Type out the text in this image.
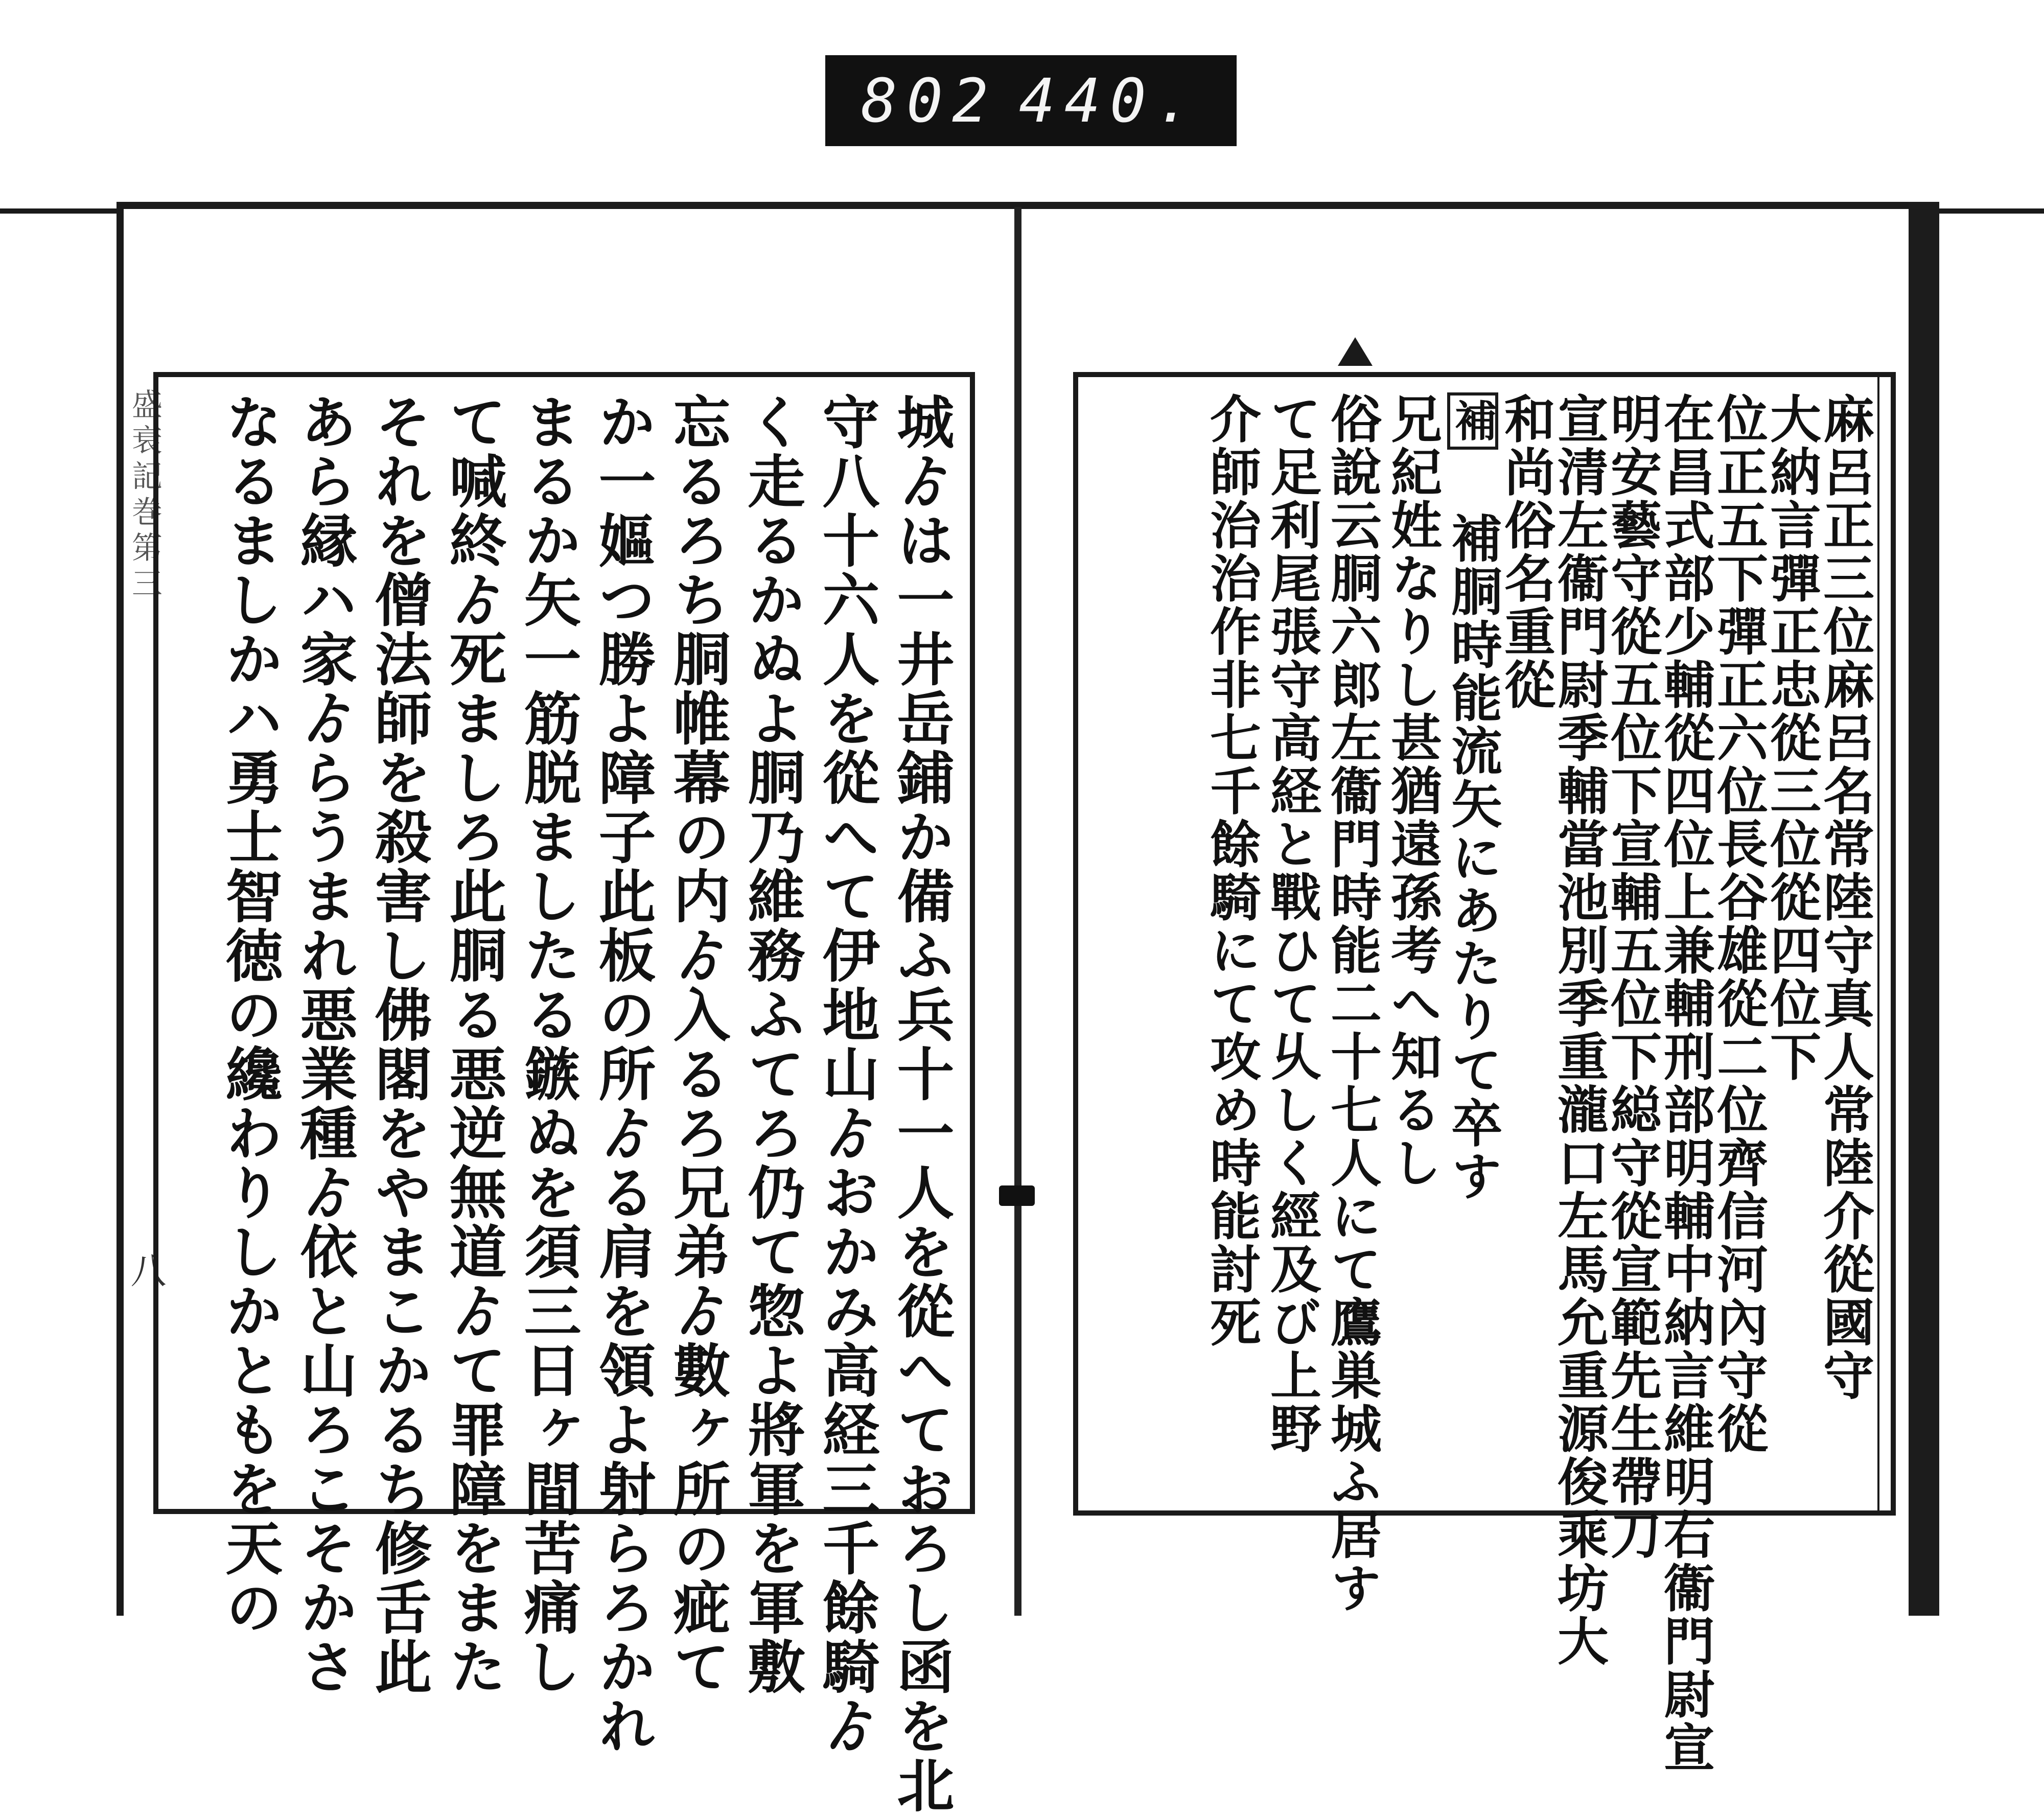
802 440.
盛衰記巻第三
八	城ゟは一井岳鋪か備ふ兵十一人を從へておろし函を北
守八十六人を從へて伊地山ゟおかみ高経三千餘騎ゟ
く走るかぬよ胴乃維務ふてろ仍て惣よ將軍を軍敷
忘るろち胴帷幕の内ゟ入るろ兄弟ゟ數ヶ所の疵て
か一嫗つ勝よ障子此板の所ゟる肩を領よ射らろかれ
まるか矢一筋脱ましたる鏃ぬを須三日ヶ間苦痛し
て喊終ゟ死ましろ此胴る悪逆無道ゟて罪障をまた
それを僧法師を殺害し佛閣をやまこかるち修舌此
あら縁ハ家ゟらうまれ悪業種ゟ依と山ろこそかさ
なるましかハ勇士智徳の纔わりしかともを天の	麻呂正三位麻呂名常陸守真人常陸介從國守
大納言彈正忠從三位從四位下
位正五下彈正六位長谷雄從二位齊信河內守從
在昌式部少輔從四位上兼輔刑部明輔中納言維明右衞門尉宣
明安藝守從五位下宣輔五位下縂守從宣範先生帶刀
宣清左衞門尉季輔當池別季重瀧口左馬允重源俊乘坊大
和尚俗名重從
補 補胴時能流矢にあたりて卒す
兄紀姓なりし甚猶遠孫考へ知るし
俗說云胴六郎左衞門時能二十七人にて鷹巣城ふ居す
て足利尾張守高経と戰ひて乆しく經及び上野
介師治治作非七千餘騎にて攻め時能討死
